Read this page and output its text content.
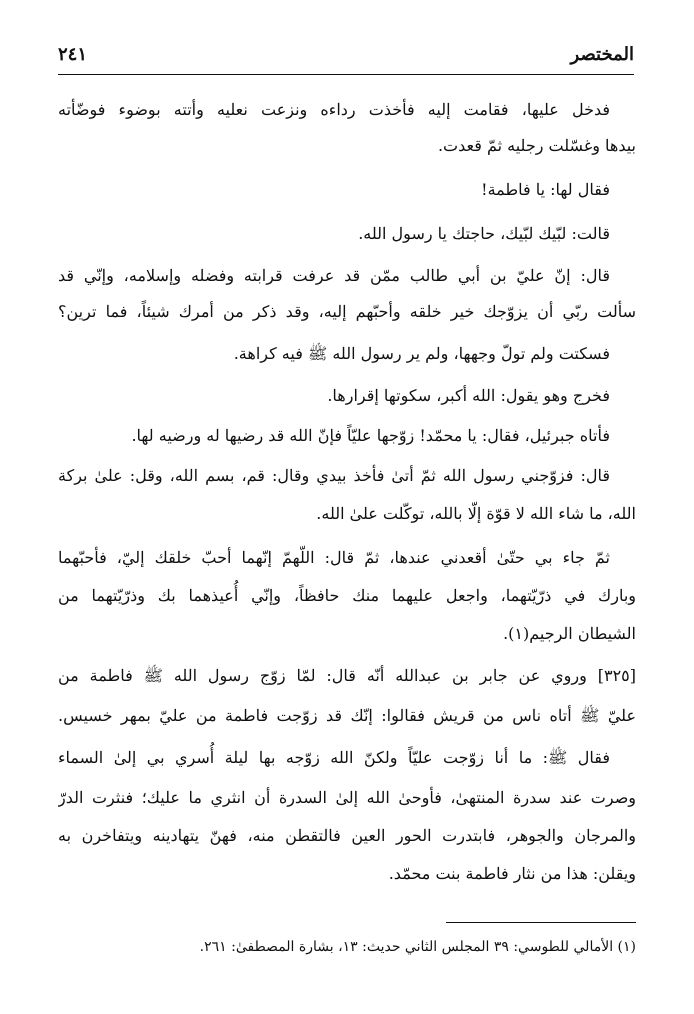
المختصر
٢٤١
فدخل عليها، فقامت إليه فأخذت رداءه ونزعت نعليه وأتته بوضوء فوضّأته
بيدها وغسّلت رجليه ثمّ قعدت.
فقال لها: يا فاطمة!
قالت: لبّيك لبّيك، حاجتك يا رسول الله.
قال: إنّ عليّ بن أبي طالب ممّن قد عرفت قرابته وفضله وإسلامه، وإنّي قد
سألت ربّي أن يزوّجك خير خلقه وأحبّهم إليه، وقد ذكر من أمرك شيئاً، فما ترين؟
فسكتت ولم تولّ وجهها، ولم ير رسول الله ﷺ فيه كراهة.
فخرج وهو يقول: الله أكبر، سكوتها إقرارها.
فأتاه جبرئيل، فقال: يا محمّد! زوّجها عليّاً فإنّ الله قد رضيها له ورضيه لها.
قال: فزوّجني رسول الله ثمّ أتىٰ فأخذ بيدي وقال: قم، بسم الله، وقل: علىٰ بركة
الله، ما شاء الله لا قوّة إلّا بالله، توكّلت علىٰ الله.
ثمّ جاء بي حتّىٰ أقعدني عندها، ثمّ قال: اللّهمّ إنّهما أحبّ خلقك إليّ، فأحبّهما
وبارك في ذرّيّتهما، واجعل عليهما منك حافظاً، وإنّي أُعيذهما بك وذرّيّتهما من
الشيطان الرجيم(١).
[٣٢٥] وروي عن جابر بن عبدالله أنّه قال: لمّا زوّج رسول الله ﷺ فاطمة من
عليّ ﷺ أتاه ناس من قريش فقالوا: إنّك قد زوّجت فاطمة من عليّ بمهر خسيس.
فقال ﷺ: ما أنا زوّجت عليّاً ولكنّ الله زوّجه بها ليلة أُسري بي إلىٰ السماء
وصرت عند سدرة المنتهىٰ، فأوحىٰ الله إلىٰ السدرة أن انثري ما عليك؛ فنثرت الدرّ
والمرجان والجوهر، فابتدرت الحور العين فالتقطن منه، فهنّ يتهادينه ويتفاخرن به
ويقلن: هذا من نثار فاطمة بنت محمّد.
(١) الأمالي للطوسي: ٣٩ المجلس الثاني حديث: ١٣، بشارة المصطفىٰ: ٢٦١.
